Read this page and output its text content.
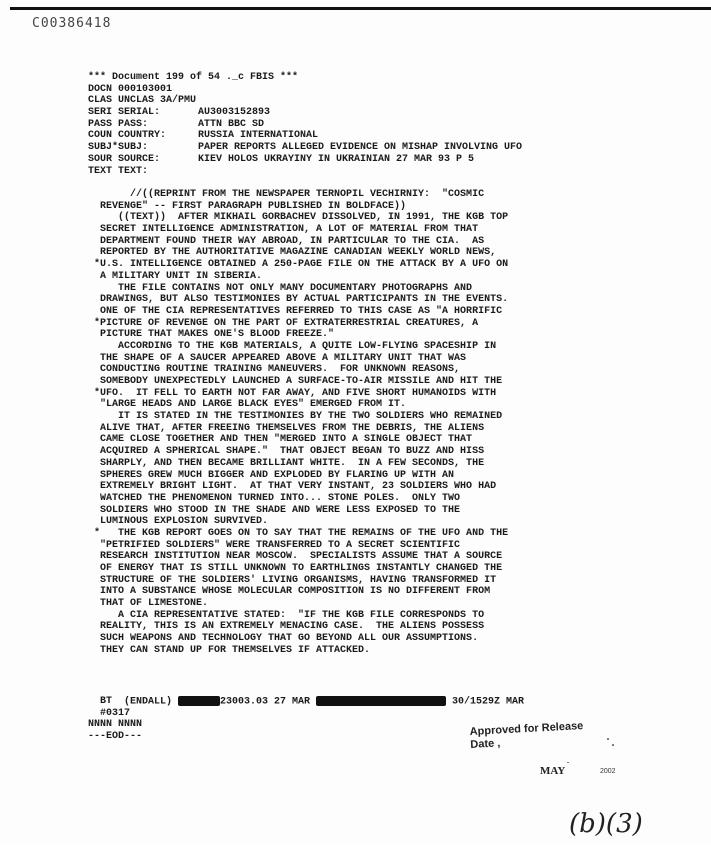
C00386418
*** Document 199 of 54 ._c FBIS ***
DOCN 000103001
CLAS UNCLAS 3A/PMU
SERI SERIAL:	AU3003152893
PASS PASS:	ATTN BBC SD
COUN COUNTRY:	RUSSIA INTERNATIONAL
SUBJ*SUBJ:	PAPER REPORTS ALLEGED EVIDENCE ON MISHAP INVOLVING UFO
SOUR SOURCE:	KIEV HOLOS UKRAYINY IN UKRAINIAN 27 MAR 93 P 5
TEXT TEXT:
//((REPRINT FROM THE NEWSPAPER TERNOPIL VECHIRNIY:  "COSMIC
REVENGE" -- FIRST PARAGRAPH PUBLISHED IN BOLDFACE))
((TEXT))  AFTER MIKHAIL GORBACHEV DISSOLVED, IN 1991, THE KGB TOP
SECRET INTELLIGENCE ADMINISTRATION, A LOT OF MATERIAL FROM THAT
DEPARTMENT FOUND THEIR WAY ABROAD, IN PARTICULAR TO THE CIA.  AS
REPORTED BY THE AUTHORITATIVE MAGAZINE CANADIAN WEEKLY WORLD NEWS,
*U.S. INTELLIGENCE OBTAINED A 250-PAGE FILE ON THE ATTACK BY A UFO ON
A MILITARY UNIT IN SIBERIA.
THE FILE CONTAINS NOT ONLY MANY DOCUMENTARY PHOTOGRAPHS AND
DRAWINGS, BUT ALSO TESTIMONIES BY ACTUAL PARTICIPANTS IN THE EVENTS.
ONE OF THE CIA REPRESENTATIVES REFERRED TO THIS CASE AS "A HORRIFIC
*PICTURE OF REVENGE ON THE PART OF EXTRATERRESTRIAL CREATURES, A
PICTURE THAT MAKES ONE'S BLOOD FREEZE."
ACCORDING TO THE KGB MATERIALS, A QUITE LOW-FLYING SPACESHIP IN
THE SHAPE OF A SAUCER APPEARED ABOVE A MILITARY UNIT THAT WAS
CONDUCTING ROUTINE TRAINING MANEUVERS.  FOR UNKNOWN REASONS,
SOMEBODY UNEXPECTEDLY LAUNCHED A SURFACE-TO-AIR MISSILE AND HIT THE
*UFO.  IT FELL TO EARTH NOT FAR AWAY, AND FIVE SHORT HUMANOIDS WITH
"LARGE HEADS AND LARGE BLACK EYES" EMERGED FROM IT.
IT IS STATED IN THE TESTIMONIES BY THE TWO SOLDIERS WHO REMAINED
ALIVE THAT, AFTER FREEING THEMSELVES FROM THE DEBRIS, THE ALIENS
CAME CLOSE TOGETHER AND THEN "MERGED INTO A SINGLE OBJECT THAT
ACQUIRED A SPHERICAL SHAPE."  THAT OBJECT BEGAN TO BUZZ AND HISS
SHARPLY, AND THEN BECAME BRILLIANT WHITE.  IN A FEW SECONDS, THE
SPHERES GREW MUCH BIGGER AND EXPLODED BY FLARING UP WITH AN
EXTREMELY BRIGHT LIGHT.  AT THAT VERY INSTANT, 23 SOLDIERS WHO HAD
WATCHED THE PHENOMENON TURNED INTO... STONE POLES.  ONLY TWO
SOLDIERS WHO STOOD IN THE SHADE AND WERE LESS EXPOSED TO THE
LUMINOUS EXPLOSION SURVIVED.
*   THE KGB REPORT GOES ON TO SAY THAT THE REMAINS OF THE UFO AND THE
"PETRIFIED SOLDIERS" WERE TRANSFERRED TO A SECRET SCIENTIFIC
RESEARCH INSTITUTION NEAR MOSCOW.  SPECIALISTS ASSUME THAT A SOURCE
OF ENERGY THAT IS STILL UNKNOWN TO EARTHLINGS INSTANTLY CHANGED THE
STRUCTURE OF THE SOLDIERS' LIVING ORGANISMS, HAVING TRANSFORMED IT
INTO A SUBSTANCE WHOSE MOLECULAR COMPOSITION IS NO DIFFERENT FROM
THAT OF LIMESTONE.
A CIA REPRESENTATIVE STATED:  "IF THE KGB FILE CORRESPONDS TO
REALITY, THIS IS AN EXTREMELY MENACING CASE.  THE ALIENS POSSESS
SUCH WEAPONS AND TECHNOLOGY THAT GO BEYOND ALL OUR ASSUMPTIONS.
THEY CAN STAND UP FOR THEMSELVES IF ATTACKED.

(ENDALL)	23003.03 27 MAR	30/1529Z MAR

BT
#0317
NNNN NNNN
---EOD---	Approved for Release
Date ,
MAY	2002
(b)(3)
